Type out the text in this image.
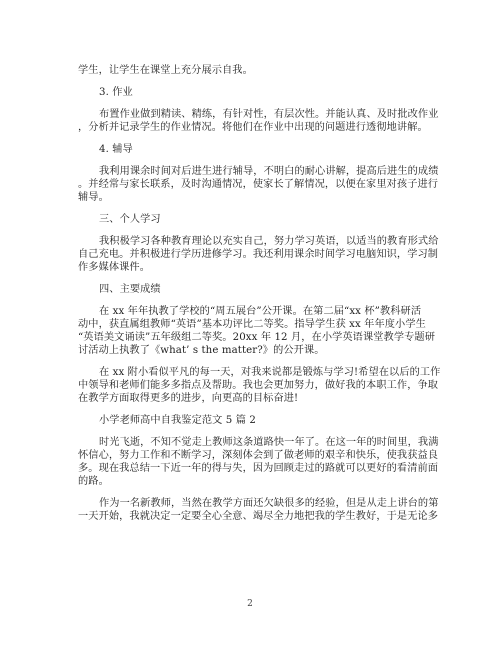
学生，让学生在课堂上充分展示自我。
3. 作业
布置作业做到精读、精练，有针对性，有层次性。并能认真、及时批改作业
，分析并记录学生的作业情况。将他们在作业中出现的问题进行透彻地讲解。
4. 辅导
我利用课余时间对后进生进行辅导，不明白的耐心讲解，提高后进生的成绩
。并经常与家长联系，及时沟通情况，使家长了解情况，以便在家里对孩子进行
辅导。
三、个人学习
我积极学习各种教育理论以充实自己，努力学习英语，以适当的教育形式给
自己充电。并积极进行学历进修学习。我还利用课余时间学习电脑知识，学习制
作多媒体课件。
四、主要成绩
在 xx 年年执教了学校的“周五展台”公开课。在第二届“xx 杯”教科研活
动中，获直属组教师“英语”基本功评比二等奖。指导学生获 xx 年年度小学生
“英语美文诵读”五年级组二等奖。20xx 年 12 月，在小学英语课堂教学专题研
讨活动上执教了《what’ s the matter?》的公开课。
在 xx 附小看似平凡的每一天，对我来说都是锻炼与学习!希望在以后的工作
中领导和老师们能多多指点及帮助。我也会更加努力，做好我的本职工作，争取
在教学方面取得更多的进步，向更高的目标奋进!
小学老师高中自我鉴定范文 5 篇 2
时光飞逝，不知不觉走上教师这条道路快一年了。在这一年的时间里，我满
怀信心，努力工作和不断学习，深刻体会到了做老师的艰辛和快乐，使我获益良
多。现在我总结一下近一年的得与失，因为回顾走过的路就可以更好的看清前面
的路。
作为一名新教师，当然在教学方面还欠缺很多的经验，但是从走上讲台的第
一天开始，我就决定一定要全心全意、竭尽全力地把我的学生教好，于是无论多
2
